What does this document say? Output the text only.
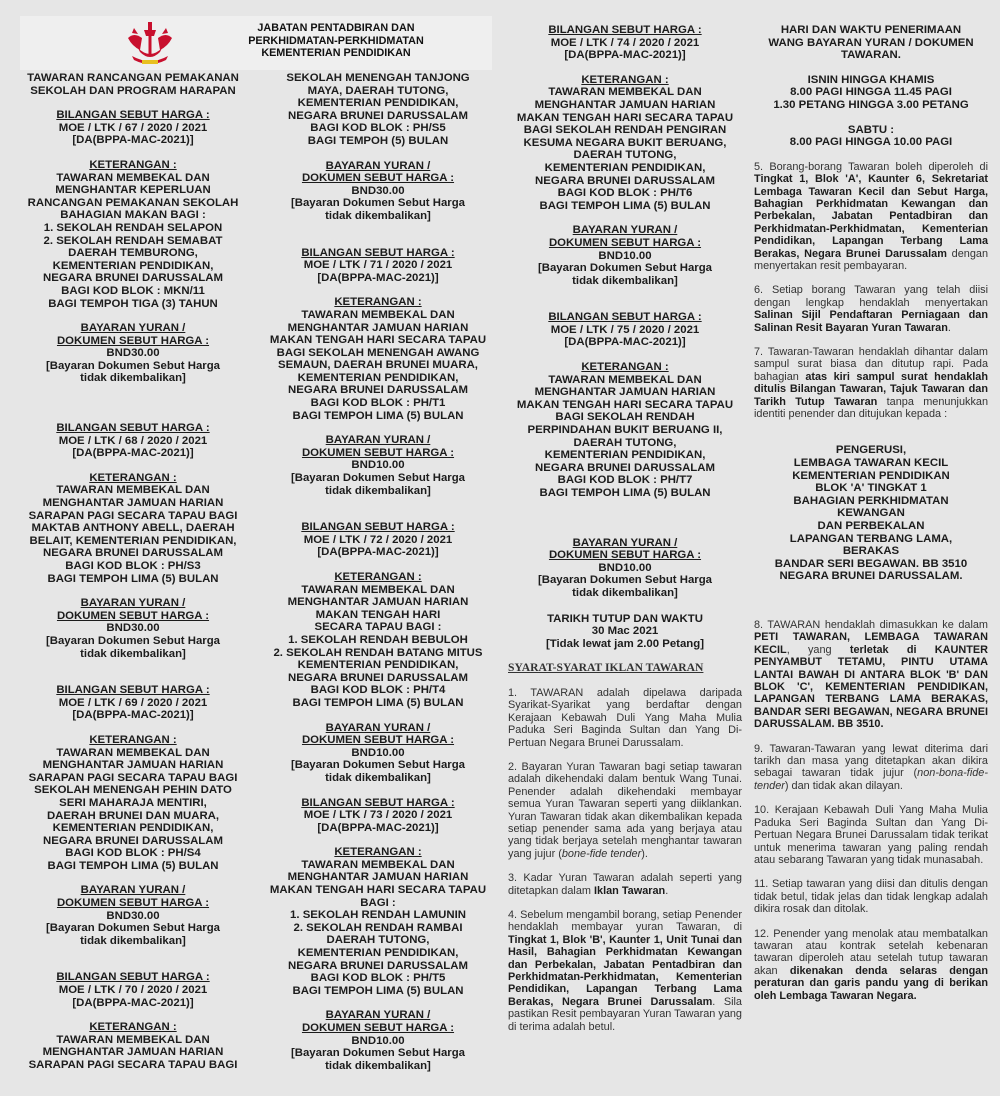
JABATAN PENTADBIRAN DAN
PERKHIDMATAN-PERKHIDMATAN
KEMENTERIAN PENDIDIKAN
TAWARAN RANCANGAN PEMAKANAN
SEKOLAH DAN PROGRAM HARAPAN
BILANGAN SEBUT HARGA :
MOE / LTK / 67 / 2020 / 2021
[DA(BPPA-MAC-2021)]
KETERANGAN :
TAWARAN MEMBEKAL DAN
MENGHANTAR KEPERLUAN
RANCANGAN PEMAKANAN SEKOLAH
BAHAGIAN MAKAN BAGI :
1. SEKOLAH RENDAH SELAPON
2. SEKOLAH RENDAH SEMABAT
DAERAH TEMBURONG,
KEMENTERIAN PENDIDIKAN,
NEGARA BRUNEI DARUSSALAM
BAGI KOD BLOK : MKN/11
BAGI TEMPOH TIGA (3) TAHUN
BAYARAN YURAN /
DOKUMEN SEBUT HARGA :
BND30.00
[Bayaran Dokumen Sebut Harga
tidak dikembalikan]
BILANGAN SEBUT HARGA :
MOE / LTK / 68 / 2020 / 2021
[DA(BPPA-MAC-2021)]
KETERANGAN :
TAWARAN MEMBEKAL DAN
MENGHANTAR JAMUAN HARIAN
SARAPAN PAGI SECARA TAPAU BAGI
MAKTAB ANTHONY ABELL, DAERAH
BELAIT, KEMENTERIAN PENDIDIKAN,
NEGARA BRUNEI DARUSSALAM
BAGI KOD BLOK : PH/S3
BAGI TEMPOH LIMA (5) BULAN
BAYARAN YURAN /
DOKUMEN SEBUT HARGA :
BND30.00
[Bayaran Dokumen Sebut Harga
tidak dikembalikan]
BILANGAN SEBUT HARGA :
MOE / LTK / 69 / 2020 / 2021
[DA(BPPA-MAC-2021)]
KETERANGAN :
TAWARAN MEMBEKAL DAN
MENGHANTAR JAMUAN HARIAN
SARAPAN PAGI SECARA TAPAU BAGI
SEKOLAH MENENGAH PEHIN DATO
SERI MAHARAJA MENTIRI,
DAERAH BRUNEI DAN MUARA,
KEMENTERIAN PENDIDIKAN,
NEGARA BRUNEI DARUSSALAM
BAGI KOD BLOK : PH/S4
BAGI TEMPOH LIMA (5) BULAN
BAYARAN YURAN /
DOKUMEN SEBUT HARGA :
BND30.00
[Bayaran Dokumen Sebut Harga
tidak dikembalikan]
BILANGAN SEBUT HARGA :
MOE / LTK / 70 / 2020 / 2021
[DA(BPPA-MAC-2021)]
KETERANGAN :
TAWARAN MEMBEKAL DAN
MENGHANTAR JAMUAN HARIAN
SARAPAN PAGI SECARA TAPAU BAGI
SEKOLAH MENENGAH TANJONG
MAYA, DAERAH TUTONG,
KEMENTERIAN PENDIDIKAN,
NEGARA BRUNEI DARUSSALAM
BAGI KOD BLOK : PH/S5
BAGI TEMPOH (5) BULAN
BAYARAN YURAN /
DOKUMEN SEBUT HARGA :
BND30.00
[Bayaran Dokumen Sebut Harga
tidak dikembalikan]
BILANGAN SEBUT HARGA :
MOE / LTK / 71 / 2020 / 2021
[DA(BPPA-MAC-2021)]
KETERANGAN :
TAWARAN MEMBEKAL DAN
MENGHANTAR JAMUAN HARIAN
MAKAN TENGAH HARI SECARA TAPAU
BAGI SEKOLAH MENENGAH AWANG
SEMAUN, DAERAH BRUNEI MUARA,
KEMENTERIAN PENDIDIKAN,
NEGARA BRUNEI DARUSSALAM
BAGI KOD BLOK : PH/T1
BAGI TEMPOH LIMA (5) BULAN
BAYARAN YURAN /
DOKUMEN SEBUT HARGA :
BND10.00
[Bayaran Dokumen Sebut Harga
tidak dikembalikan]
BILANGAN SEBUT HARGA :
MOE / LTK / 72 / 2020 / 2021
[DA(BPPA-MAC-2021)]
KETERANGAN :
TAWARAN MEMBEKAL DAN
MENGHANTAR JAMUAN HARIAN
MAKAN TENGAH HARI
SECARA TAPAU BAGI :
1. SEKOLAH RENDAH BEBULOH
2. SEKOLAH RENDAH BATANG MITUS
KEMENTERIAN PENDIDIKAN,
NEGARA BRUNEI DARUSSALAM
BAGI KOD BLOK : PH/T4
BAGI TEMPOH LIMA (5) BULAN
BAYARAN YURAN /
DOKUMEN SEBUT HARGA :
BND10.00
[Bayaran Dokumen Sebut Harga
tidak dikembalikan]
BILANGAN SEBUT HARGA :
MOE / LTK / 73 / 2020 / 2021
[DA(BPPA-MAC-2021)]
KETERANGAN :
TAWARAN MEMBEKAL DAN
MENGHANTAR JAMUAN HARIAN
MAKAN TENGAH HARI SECARA TAPAU
BAGI :
1. SEKOLAH RENDAH LAMUNIN
2. SEKOLAH RENDAH RAMBAI
DAERAH TUTONG,
KEMENTERIAN PENDIDIKAN,
NEGARA BRUNEI DARUSSALAM
BAGI KOD BLOK : PH/T5
BAGI TEMPOH LIMA (5) BULAN
BAYARAN YURAN /
DOKUMEN SEBUT HARGA :
BND10.00
[Bayaran Dokumen Sebut Harga
tidak dikembalikan]
BILANGAN SEBUT HARGA :
MOE / LTK / 74 / 2020 / 2021
[DA(BPPA-MAC-2021)]
KETERANGAN :
TAWARAN MEMBEKAL DAN
MENGHANTAR JAMUAN HARIAN
MAKAN TENGAH HARI SECARA TAPAU
BAGI SEKOLAH RENDAH PENGIRAN
KESUMA NEGARA BUKIT BERUANG,
DAERAH TUTONG,
KEMENTERIAN PENDIDIKAN,
NEGARA BRUNEI DARUSSALAM
BAGI KOD BLOK : PH/T6
BAGI TEMPOH LIMA (5) BULAN
BAYARAN YURAN /
DOKUMEN SEBUT HARGA :
BND10.00
[Bayaran Dokumen Sebut Harga
tidak dikembalikan]
BILANGAN SEBUT HARGA :
MOE / LTK / 75 / 2020 / 2021
[DA(BPPA-MAC-2021)]
KETERANGAN :
TAWARAN MEMBEKAL DAN
MENGHANTAR JAMUAN HARIAN
MAKAN TENGAH HARI SECARA TAPAU
BAGI SEKOLAH RENDAH
PERPINDAHAN BUKIT BERUANG II,
DAERAH TUTONG,
KEMENTERIAN PENDIDIKAN,
NEGARA BRUNEI DARUSSALAM
BAGI KOD BLOK : PH/T7
BAGI TEMPOH LIMA (5) BULAN
BAYARAN YURAN /
DOKUMEN SEBUT HARGA :
BND10.00
[Bayaran Dokumen Sebut Harga
tidak dikembalikan]
TARIKH TUTUP DAN WAKTU
30 Mac 2021
[Tidak lewat jam 2.00 Petang]
SYARAT-SYARAT IKLAN TAWARAN

1. TAWARAN adalah dipelawa daripada Syarikat-Syarikat yang berdaftar dengan Kerajaan Kebawah Duli Yang Maha Mulia Paduka Seri Baginda Sultan dan Yang Di-Pertuan Negara Brunei Darussalam.

2. Bayaran Yuran Tawaran bagi setiap tawaran adalah dikehendaki dalam bentuk Wang Tunai. Penender adalah dikehendaki membayar semua Yuran Tawaran seperti yang diiklankan. Yuran Tawaran tidak akan dikembalikan kepada setiap penender sama ada yang berjaya atau yang tidak berjaya setelah menghantar tawaran yang jujur (bone-fide tender).

3. Kadar Yuran Tawaran adalah seperti yang ditetapkan dalam Iklan Tawaran.

4. Sebelum mengambil borang, setiap Penender hendaklah membayar yuran Tawaran, di Tingkat 1, Blok 'B', Kaunter 1, Unit Tunai dan Hasil, Bahagian Perkhidmatan Kewangan dan Perbekalan, Jabatan Pentadbiran dan Perkhidmatan-Perkhidmatan, Kementerian Pendidikan, Lapangan Terbang Lama Berakas, Negara Brunei Darussalam. Sila pastikan Resit pembayaran Yuran Tawaran yang di terima adalah betul.

HARI DAN WAKTU PENERIMAAN
WANG BAYARAN YURAN / DOKUMEN
TAWARAN.
ISNIN HINGGA KHAMIS
8.00 PAGI HINGGA 11.45 PAGI
1.30 PETANG HINGGA 3.00 PETANG
SABTU :
8.00 PAGI HINGGA 10.00 PAGI

5. Borang-borang Tawaran boleh diperoleh di Tingkat 1, Blok 'A', Kaunter 6, Sekretariat Lembaga Tawaran Kecil dan Sebut Harga, Bahagian Perkhidmatan Kewangan dan Perbekalan, Jabatan Pentadbiran dan Perkhidmatan-Perkhidmatan, Kementerian Pendidikan, Lapangan Terbang Lama Berakas, Negara Brunei Darussalam dengan menyertakan resit pembayaran.

6. Setiap borang Tawaran yang telah diisi dengan lengkap hendaklah menyertakan Salinan Sijil Pendaftaran Perniagaan dan Salinan Resit Bayaran Yuran Tawaran.

7. Tawaran-Tawaran hendaklah dihantar dalam sampul surat biasa dan ditutup rapi. Pada bahagian atas kiri sampul surat hendaklah ditulis Bilangan Tawaran, Tajuk Tawaran dan Tarikh Tutup Tawaran tanpa menunjukkan identiti penender dan ditujukan kepada :

PENGERUSI,
LEMBAGA TAWARAN KECIL
KEMENTERIAN PENDIDIKAN
BLOK 'A' TINGKAT 1
BAHAGIAN PERKHIDMATAN
KEWANGAN
DAN PERBEKALAN
LAPANGAN TERBANG LAMA,
BERAKAS
BANDAR SERI BEGAWAN. BB 3510
NEGARA BRUNEI DARUSSALAM.

8. TAWARAN hendaklah dimasukkan ke dalam PETI TAWARAN, LEMBAGA TAWARAN KECIL, yang terletak di KAUNTER PENYAMBUT TETAMU, PINTU UTAMA LANTAI BAWAH DI ANTARA BLOK 'B' DAN BLOK 'C', KEMENTERIAN PENDIDIKAN, LAPANGAN TERBANG LAMA BERAKAS, BANDAR SERI BEGAWAN, NEGARA BRUNEI DARUSSALAM. BB 3510.

9. Tawaran-Tawaran yang lewat diterima dari tarikh dan masa yang ditetapkan akan dikira sebagai tawaran tidak jujur (non-bona-fide-tender) dan tidak akan dilayan.

10. Kerajaan Kebawah Duli Yang Maha Mulia Paduka Seri Baginda Sultan dan Yang Di-Pertuan Negara Brunei Darussalam tidak terikat untuk menerima tawaran yang paling rendah atau sebarang Tawaran yang tidak munasabah.

11. Setiap tawaran yang diisi dan ditulis dengan tidak betul, tidak jelas dan tidak lengkap adalah dikira rosak dan ditolak.

12. Penender yang menolak atau membatalkan tawaran atau kontrak setelah kebenaran tawaran diperoleh atau setelah tutup tawaran akan dikenakan denda selaras dengan peraturan dan garis pandu yang di berikan oleh Lembaga Tawaran Negara.
